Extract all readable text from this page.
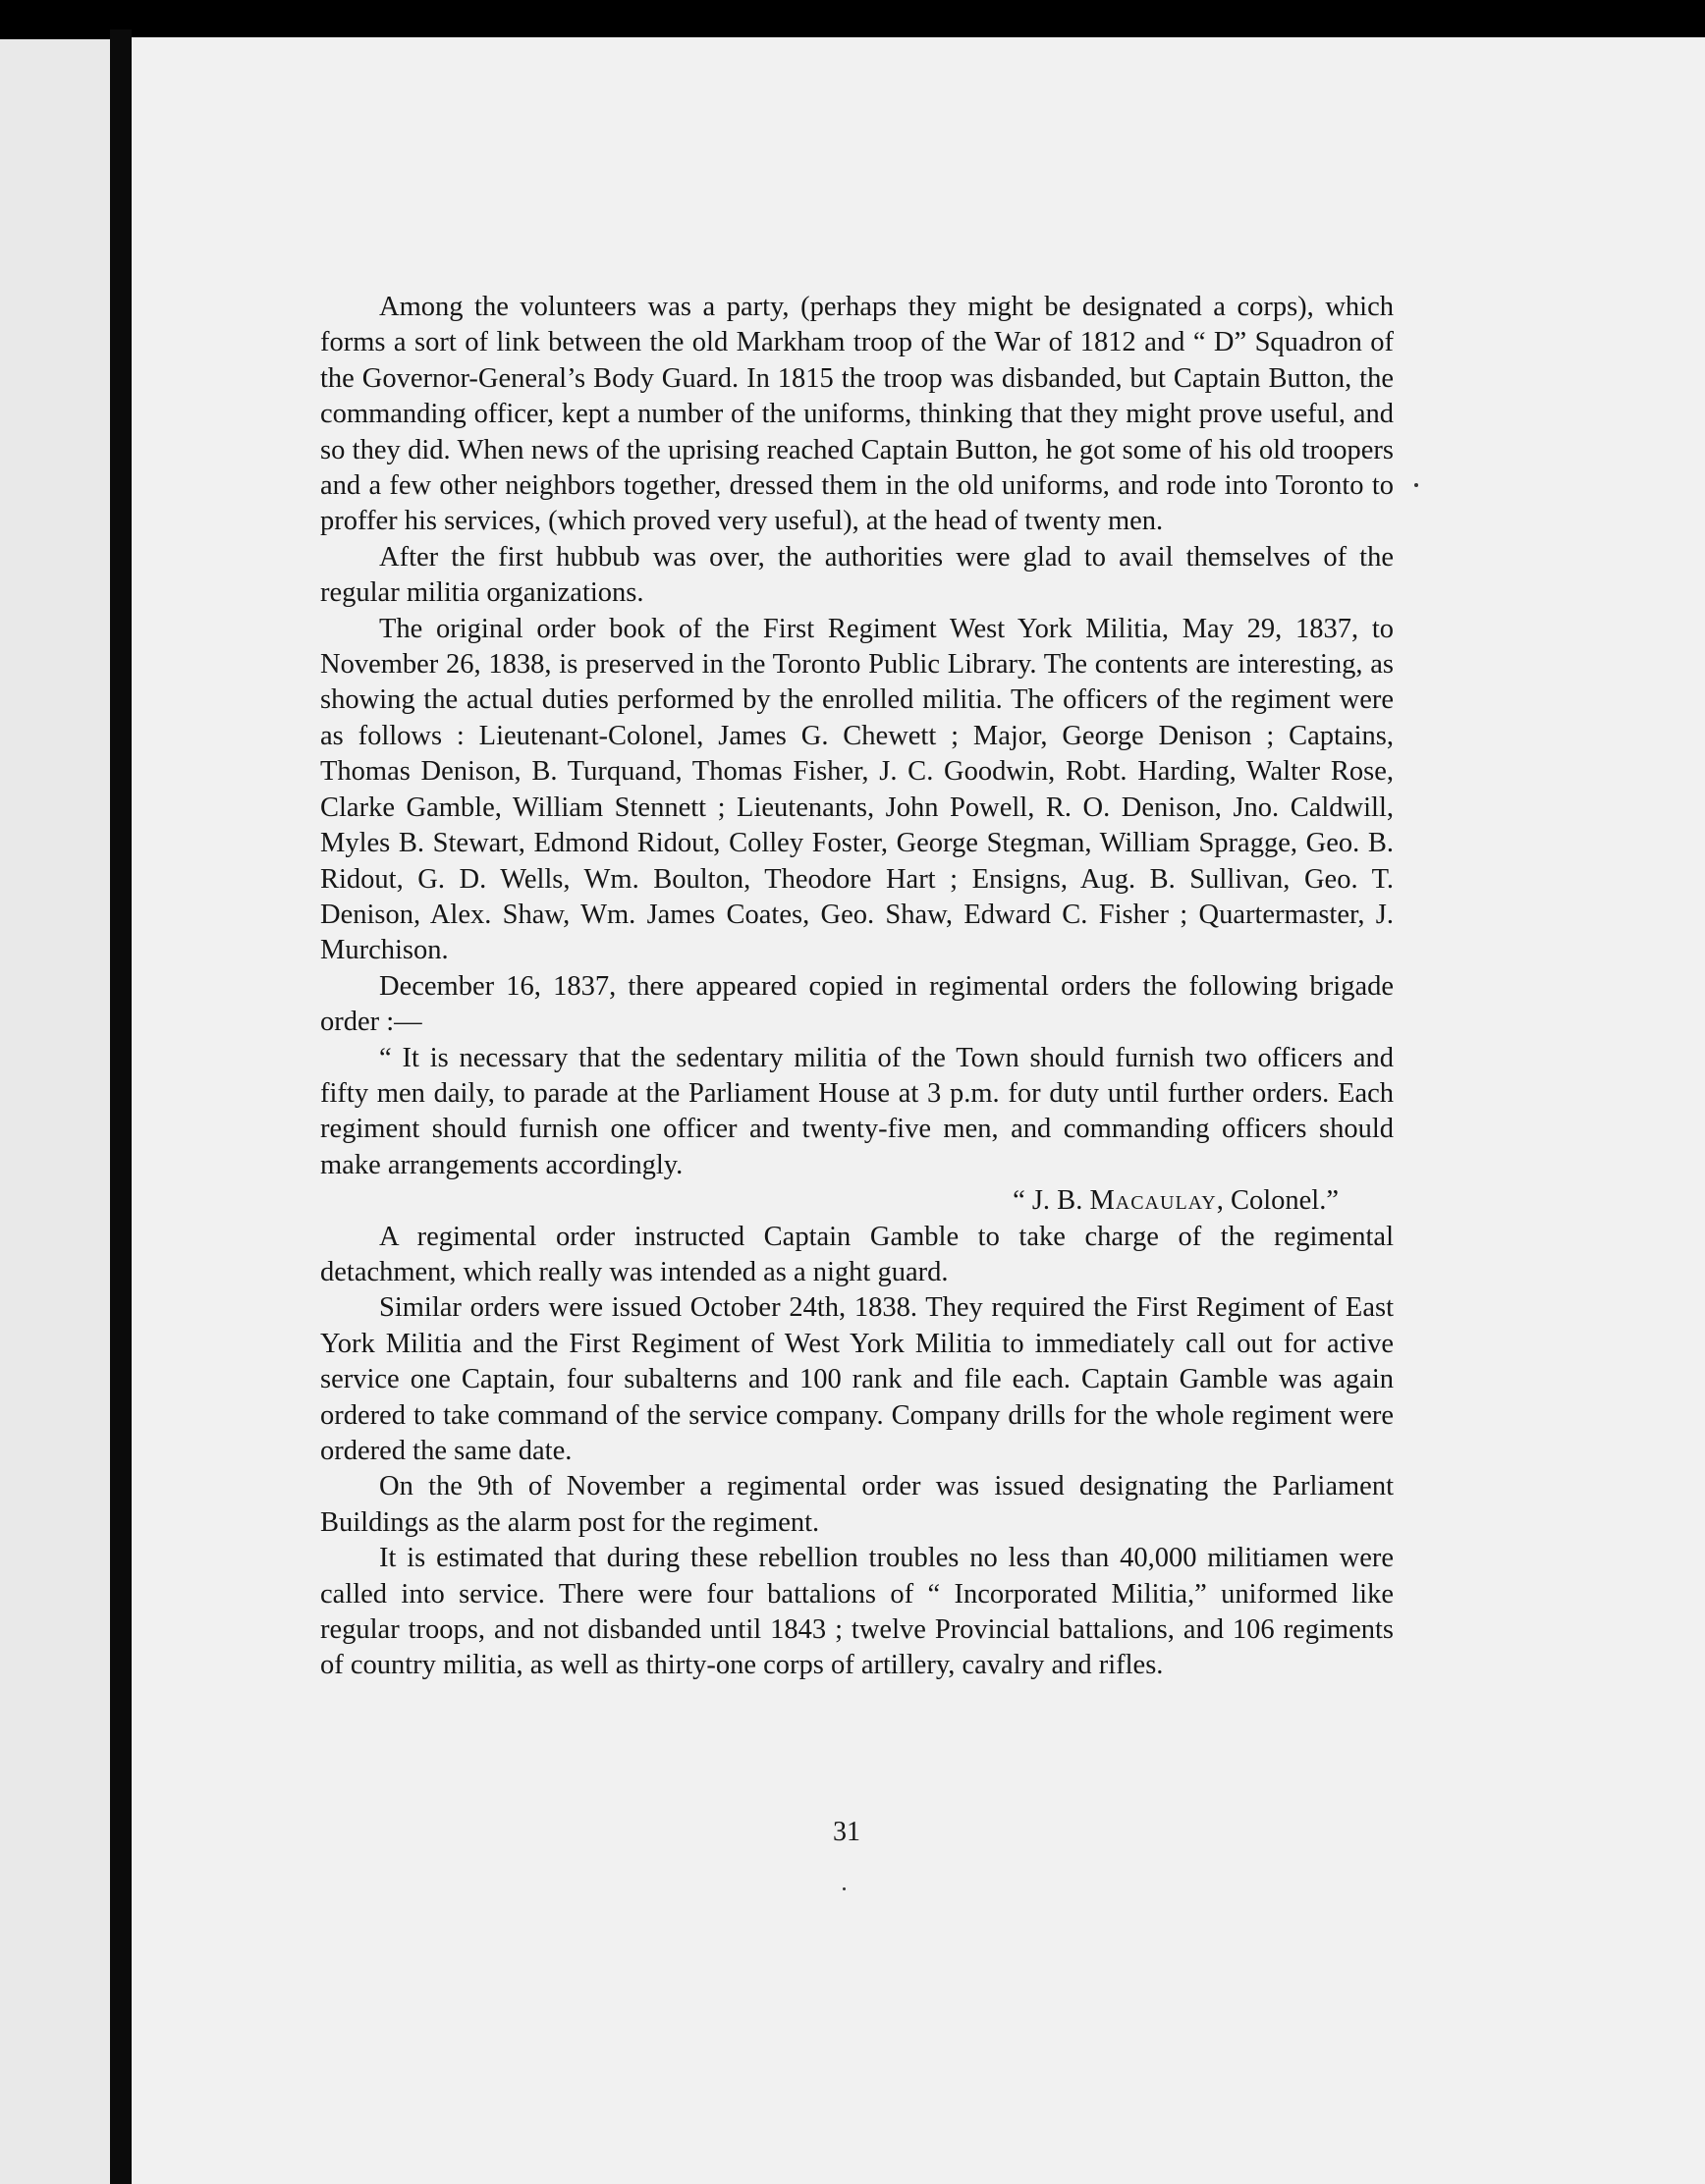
Among the volunteers was a party, (perhaps they might be designated a corps), which forms a sort of link between the old Markham troop of the War of 1812 and “ D” Squadron of the Governor-General’s Body Guard. In 1815 the troop was disbanded, but Captain Button, the commanding officer, kept a number of the uniforms, thinking that they might prove useful, and so they did. When news of the uprising reached Captain Button, he got some of his old troopers and a few other neighbors together, dressed them in the old uniforms, and rode into Toronto to proffer his services, (which proved very useful), at the head of twenty men.

After the first hubbub was over, the authorities were glad to avail themselves of the regular militia organizations.

The original order book of the First Regiment West York Militia, May 29, 1837, to November 26, 1838, is preserved in the Toronto Public Library. The contents are interesting, as showing the actual duties performed by the enrolled militia. The officers of the regiment were as follows : Lieutenant-Colonel, James G. Chewett ; Major, George Denison ; Captains, Thomas Denison, B. Turquand, Thomas Fisher, J. C. Goodwin, Robt. Harding, Walter Rose, Clarke Gamble, William Stennett ; Lieutenants, John Powell, R. O. Denison, Jno. Caldwill, Myles B. Stewart, Edmond Ridout, Colley Foster, George Stegman, William Spragge, Geo. B. Ridout, G. D. Wells, Wm. Boulton, Theodore Hart ; Ensigns, Aug. B. Sullivan, Geo. T. Denison, Alex. Shaw, Wm. James Coates, Geo. Shaw, Edward C. Fisher ; Quartermaster, J. Murchison.

December 16, 1837, there appeared copied in regimental orders the following brigade order :—

“ It is necessary that the sedentary militia of the Town should furnish two officers and fifty men daily, to parade at the Parliament House at 3 p.m. for duty until further orders. Each regiment should furnish one officer and twenty-five men, and commanding officers should make arrangements accordingly.

“ J. B. Macaulay, Colonel.”

A regimental order instructed Captain Gamble to take charge of the regimental detachment, which really was intended as a night guard.

Similar orders were issued October 24th, 1838. They required the First Regiment of East York Militia and the First Regiment of West York Militia to immediately call out for active service one Captain, four subalterns and 100 rank and file each. Captain Gamble was again ordered to take command of the service company. Company drills for the whole regiment were ordered the same date.

On the 9th of November a regimental order was issued designating the Parliament Buildings as the alarm post for the regiment.

It is estimated that during these rebellion troubles no less than 40,000 militiamen were called into service. There were four battalions of “ Incorporated Militia,” uniformed like regular troops, and not disbanded until 1843 ; twelve Provincial battalions, and 106 regiments of country militia, as well as thirty-one corps of artillery, cavalry and rifles.

31
